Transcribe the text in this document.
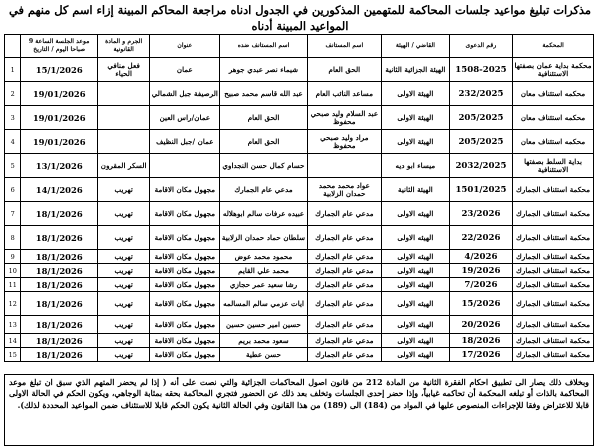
مذكرات تبليغ مواعيد جلسات المحاكمة للمتهمين المذكورين في الجدول ادناه مراجعة المحاكم المبينة إزاء اسم كل منهم في المواعيد المبينة أدناه
المحكمة	رقم الدعوى	القاضي / الهيئة	اسم المستانف	اسم المستانف ضده	عنوان	الجرم و المادة القانونية	موعد الجلسة الساعة 9 صباحا اليوم / التاريخ	
محكمة بداية عمان بصفتها الاستئنافية	1508-2025	الهيئة الجزائية الثانية	الحق العام	شيماء نصر عبدي جوهر	عمان	فعل منافي الحياء	15/1/2026	1
محكمه استئناف معان	232/2025	الهيئة الاولى	مساعد النائب العام	عبد الله قاسم محمد صبيح	الرصيفة جبل الشمالي		19/01/2026	2
محكمه استئناف معان	205/2025	الهيئة الاولى	عبد السلام وليد صبحي محفوظ	الحق العام	عمان/راس العين		19/01/2026	3
محكمه استئناف معان	205/2025	الهيئة الاولى	مراد وليد صبحي محفوظ	الحق العام	عمان /جبل النظيف		19/01/2026	4
بداية السلط بصفتها الاستئنافية	2032/2025	ميساء ابو ديه		حسام كمال حسن النجداوي		السكر المقرون	13/1/2026	5
محكمة استئناف الجمارك	1501/2025	الهيئة الثانية	عواد محمد محمد حمدان الزلابية	مدعي عام الجمارك	مجهول مكان الاقامة	تهريب	14/1/2026	6
محكمة استئناف الجمارك	23/2026	الهيئه الاولى	مدعي عام الجمارك	عبيده عرفات سالم ابوهلاله	مجهول مكان الاقامة	تهريب	18/1/2026	7
محكمة استئناف الجمارك	22/2026	الهيئه الاولى	مدعي عام الجمارك	سلطان حماد حمدان الزلابية	مجهول مكان الاقامة	تهريب	18/1/2026	8
محكمة استئناف الجمارك	4/2026	الهيئه الاولى	مدعي عام الجمارك	محمود محمد عوض	مجهول مكان الاقامة	تهريب	18/1/2026	9
محكمة استئناف الجمارك	19/2026	الهيئه الاولى	مدعي عام الجمارك	محمد علي القايم	مجهول مكان الاقامة	تهريب	18/1/2026	10
محكمة استئناف الجمارك	7/2026	الهيئه الاولى	مدعي عام الجمارك	رشا سعيد عمر حجازي	مجهول مكان الاقامة	تهريب	18/1/2026	11
محكمة استئناف الجمارك	15/2026	الهيئه الاولى	مدعي عام الجمارك	ايات عزمي سالم المسالمه	مجهول مكان الاقامة	تهريب	18/1/2026	12
محكمة استئناف الجمارك	20/2026	الهيئه الاولى	مدعي عام الجمارك	حسين امير حسين حسين	مجهول مكان الاقامة	تهريب	18/1/2026	13
محكمة استئناف الجمارك	18/2026	الهيئه الاولى	مدعي عام الجمارك	سعود محمد بريم	مجهول مكان الاقامة	تهريب	18/1/2026	14
محكمة استئناف الجمارك	17/2026	الهيئه الاولى	مدعي عام الجمارك	حسن عطية	مجهول مكان الاقامة	تهريب	18/1/2026	15
وبخلاف ذلك يصار الى تطبيق احكام الفقرة الثانية من المادة 212 من قانون اصول المحاكمات الجزائية والتي نصت على أنه ( إذا لم يحضر المتهم الذي سبق ان تبلغ موعد المحاكمة بالذات أو تبلغه المحكمة أن تحاكمه غيابياً، وإذا حضر إحدى الجلسات وتخلف بعد ذلك عن الحضور فتجري المحاكمة بحقه بمثابة الوجاهي، ويكون الحكم في الحالة الاولى قابلا للاعتراض وفقا للإجراءات المنصوص عليها في المواد من (184) الى (189) من هذا القانون وفي الحالة الثانية يكون الحكم قابلا للاستئناف ضمن المواعيد المحددة لذلك).
